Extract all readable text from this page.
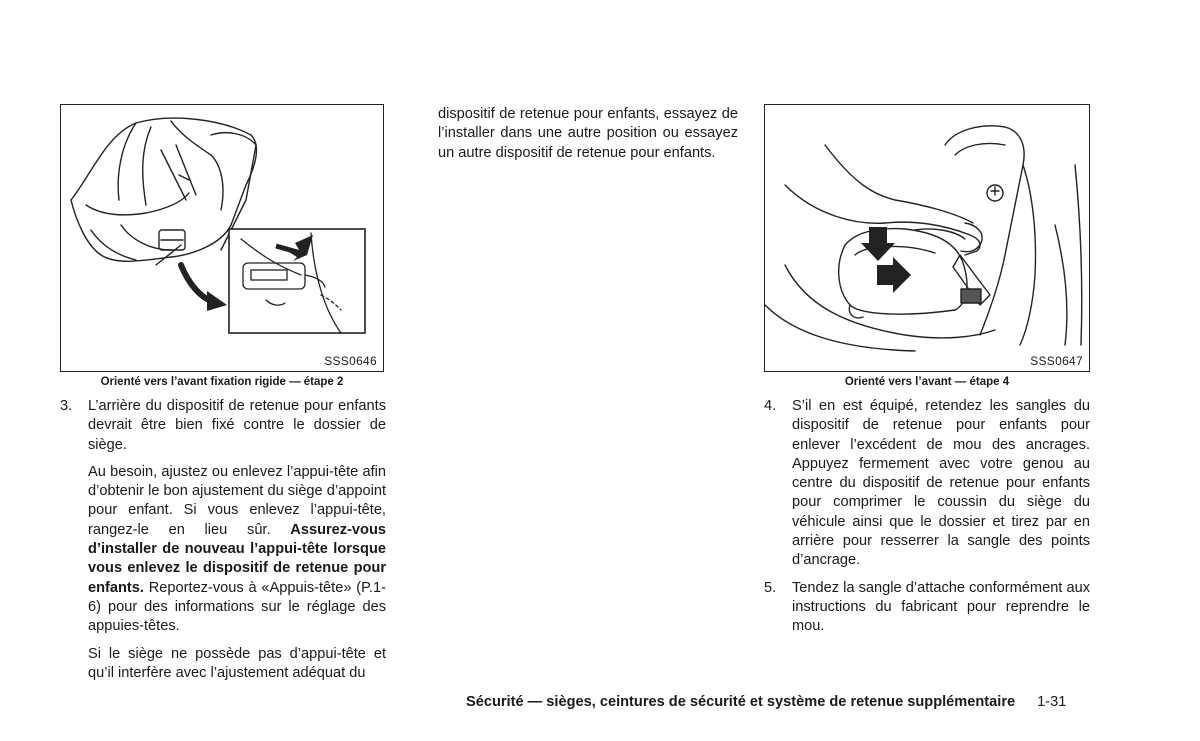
SSS0646
Orienté vers l’avant fixation rigide — étape 2

3. L’arrière du dispositif de retenue pour enfants devrait être bien fixé contre le dossier de siège.

Au besoin, ajustez ou enlevez l’appui-tête afin d’obtenir le bon ajustement du siège d’appoint pour enfant. Si vous enlevez l’appui-tête, rangez-le en lieu sûr. Assurez-vous d’installer de nouveau l’appui-tête lorsque vous enlevez le dispositif de retenue pour enfants. Reportez-vous à «Appuis-tête» (P.1-6) pour des informations sur le réglage des appuies-têtes.

Si le siège ne possède pas d’appui-tête et qu’il interfère avec l’ajustement adéquat du

dispositif de retenue pour enfants, essayez de l’installer dans une autre position ou essayez un autre dispositif de retenue pour enfants.

SSS0647
Orienté vers l’avant — étape 4

4. S’il en est équipé, retendez les sangles du dispositif de retenue pour enfants pour enlever l’excédent de mou des ancrages. Appuyez fermement avec votre genou au centre du dispositif de retenue pour enfants pour comprimer le coussin du siège du véhicule ainsi que le dossier et tirez par en arrière pour resserrer la sangle des points d’ancrage.

5. Tendez la sangle d’attache conformément aux instructions du fabricant pour reprendre le mou.

Sécurité — sièges, ceintures de sécurité et système de retenue supplémentaire 1-31
